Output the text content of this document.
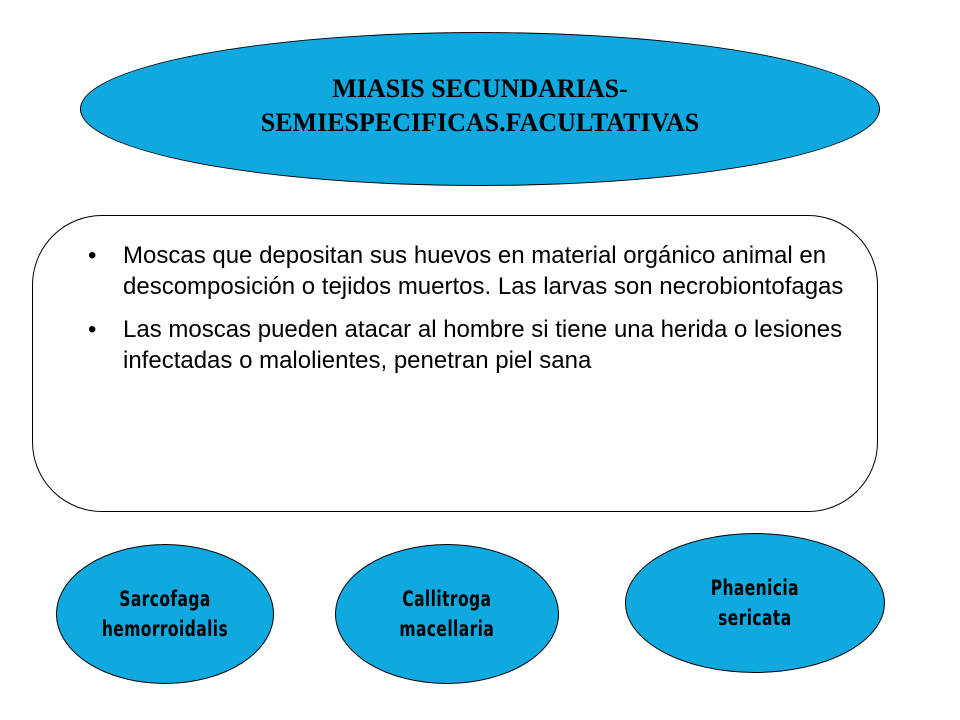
MIASIS SECUNDARIAS-
SEMIESPECIFICAS.FACULTATIVAS
• Moscas que depositan sus huevos en material orgánico animal en descomposición o tejidos muertos. Las larvas son necrobiontofagas
• Las moscas pueden atacar al hombre si tiene una herida o lesiones infectadas o malolientes, penetran piel sana
Sarcofaga
hemorroidalis
Callitroga
macellaria
Phaenicia
sericata
